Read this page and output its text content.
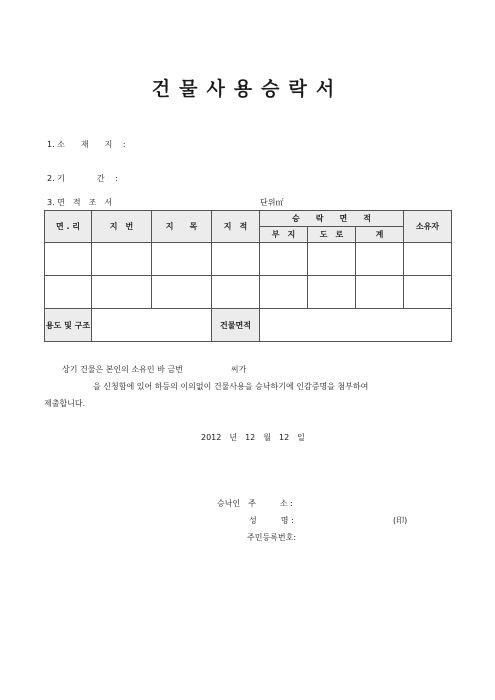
건물사용승락서
1. 소　　재　　지　 :
2. 기　　　　간　 :
3. 면　적　조　서	단위㎡
면 . 리	지　번	지　　목	지　적	승　　락　　면　　적			소유자
				부　지	도　로	계	

용도 및 구조			건물면적				
상기 건물은 본인의 소유인 바 금번　　　　　　씨가
을 신청함에 있어 하등의 이의없이 건물사용을 승낙하기에 인감증명을 첨부하여
제출합니다.
2012　년　12　월　12　일
승낙인　주　　　소 :
성　　　명 :	(印)
주민등록번호:
